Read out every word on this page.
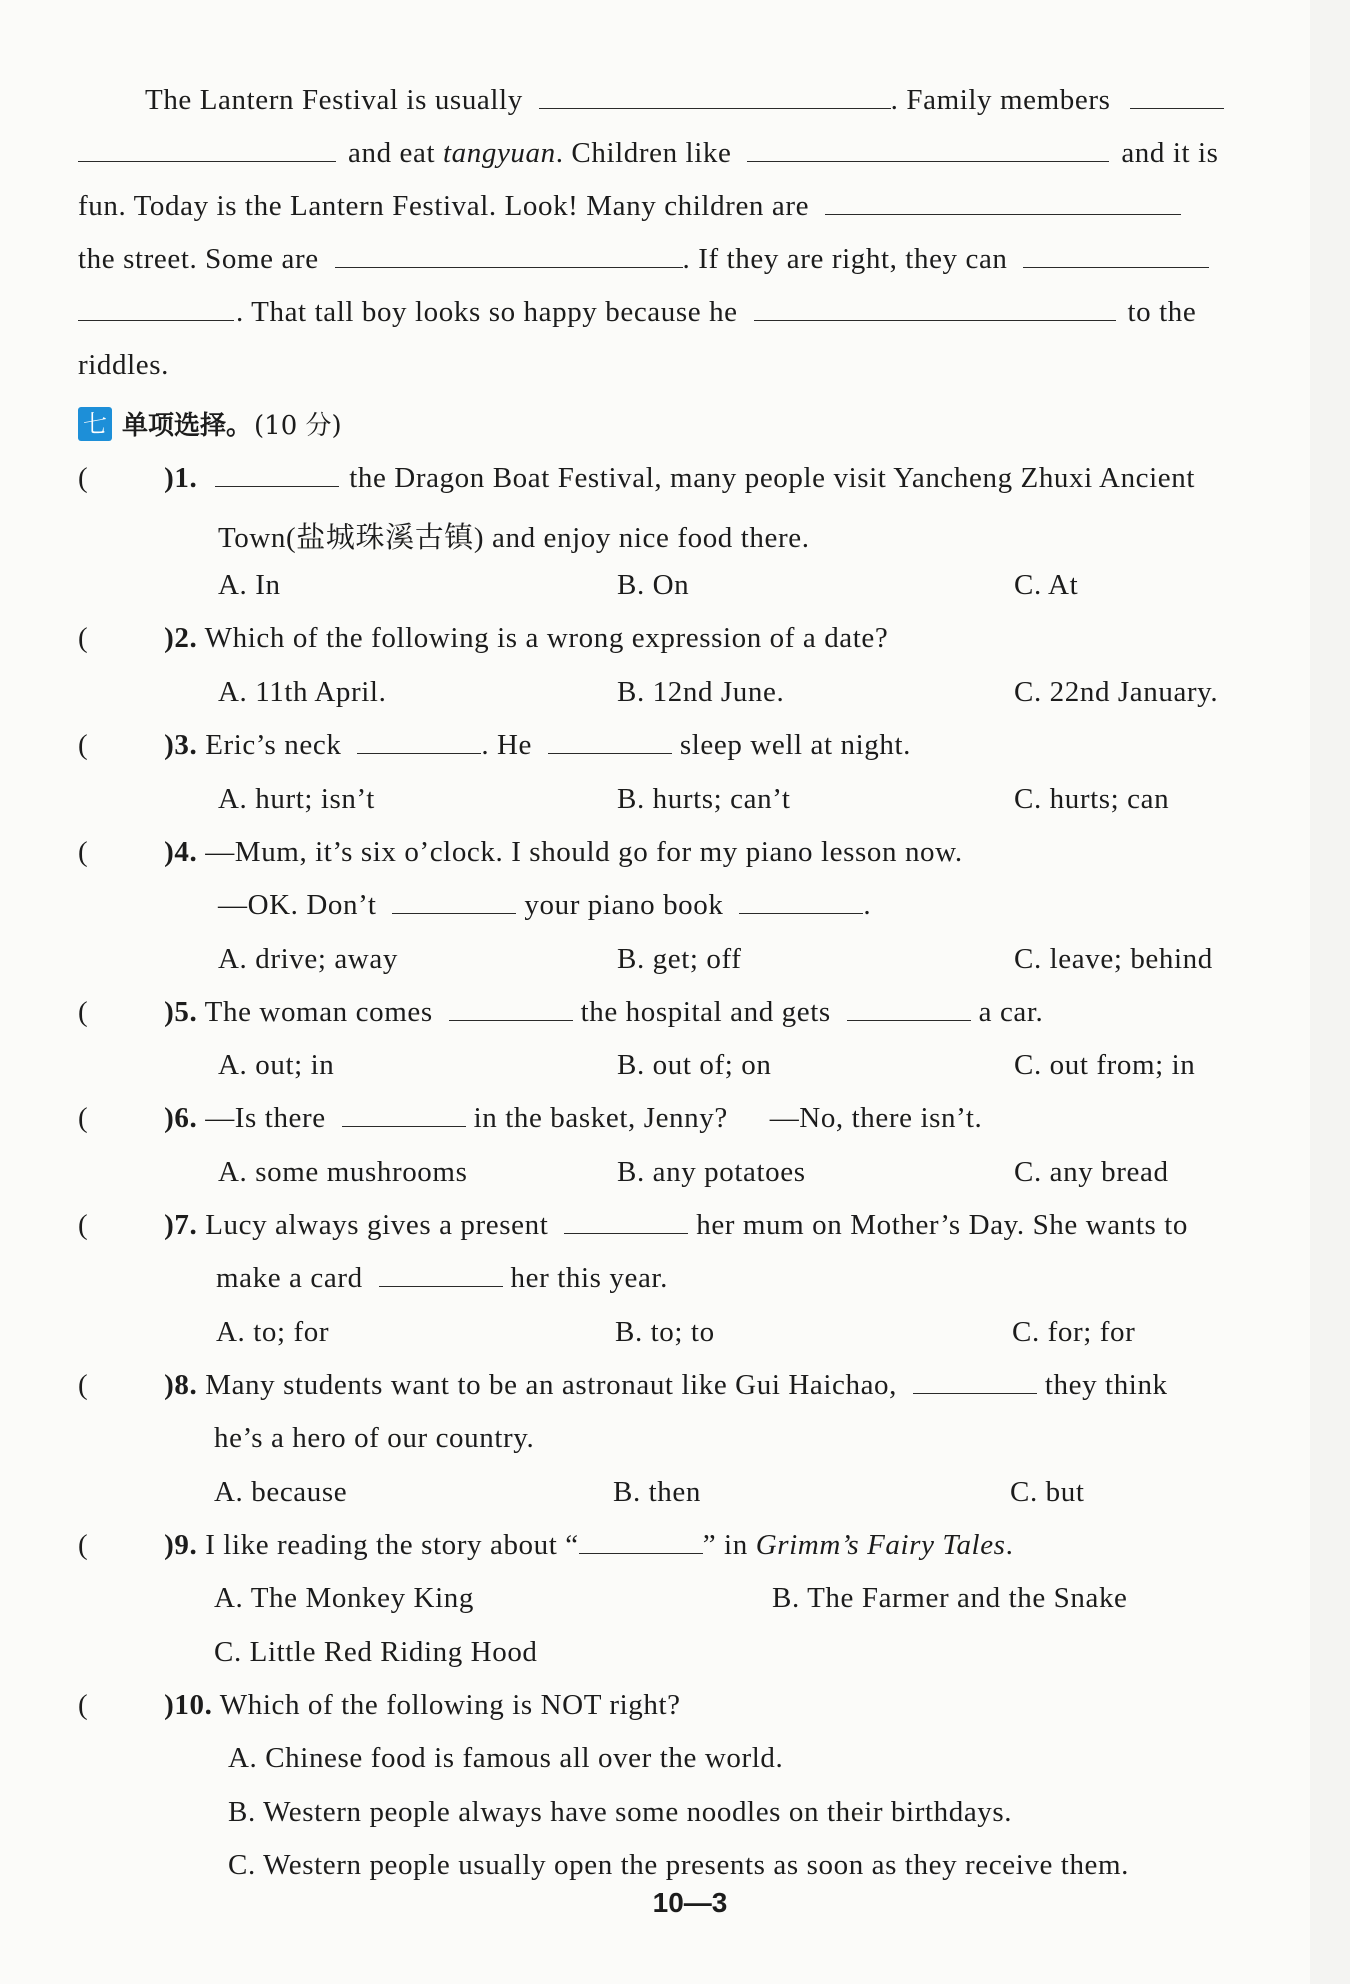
The Lantern Festival is usually	. Family members
and eat tangyuan. Children like	and it is
fun. Today is the Lantern Festival. Look! Many children are
the street. Some are	. If they are right, they can
. That tall boy looks so happy because he	to the
riddles.
七 单项选择。 (10 分)
(	)1.	the Dragon Boat Festival, many people visit Yancheng Zhuxi Ancient
Town(盐城珠溪古镇) and enjoy nice food there.
A. In	B. On	C. At
(	)2. Which of the following is a wrong expression of a date?
A. 11th April.	B. 12nd June.	C. 22nd January.
(	)3. Eric’s neck	. He	sleep well at night.
A. hurt; isn’t	B. hurts; can’t	C. hurts; can
(	)4. —Mum, it’s six o’clock. I should go for my piano lesson now.
—OK. Don’t	your piano book	.
A. drive; away	B. get; off	C. leave; behind
(	)5. The woman comes	the hospital and gets	a car.
A. out; in	B. out of; on	C. out from; in
(	)6. —Is there	in the basket, Jenny? —No, there isn’t.
A. some mushrooms	B. any potatoes	C. any bread
(	)7. Lucy always gives a present	her mum on Mother’s Day. She wants to
make a card	her this year.
A. to; for	B. to; to	C. for; for
(	)8. Many students want to be an astronaut like Gui Haichao,	they think
he’s a hero of our country.
A. because	B. then	C. but
(	)9. I like reading the story about “	” in Grimm’s Fairy Tales.
A. The Monkey King	B. The Farmer and the Snake
C. Little Red Riding Hood
(	)10. Which of the following is NOT right?
A. Chinese food is famous all over the world.
B. Western people always have some noodles on their birthdays.
C. Western people usually open the presents as soon as they receive them.
10—3
